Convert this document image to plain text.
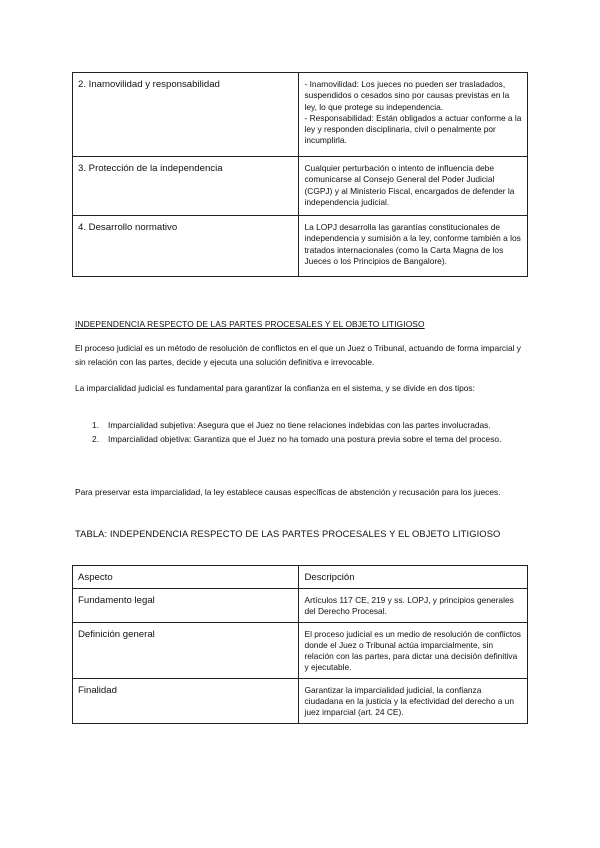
2. Inamovilidad y responsabilidad	- Inamovilidad: Los jueces no pueden ser trasladados, suspendidos o cesados sino por causas previstas en la ley, lo que protege su independencia.
- Responsabilidad: Están obligados a actuar conforme a la ley y responden disciplinaria, civil o penalmente por incumplirla.

3. Protección de la independencia	Cualquier perturbación o intento de influencia debe comunicarse al Consejo General del Poder Judicial (CGPJ) y al Ministerio Fiscal, encargados de defender la independencia judicial.

4. Desarrollo normativo	La LOPJ desarrolla las garantías constitucionales de independencia y sumisión a la ley, conforme también a los tratados internacionales (como la Carta Magna de los Jueces o los Principios de Bangalore).
INDEPENDENCIA RESPECTO DE LAS PARTES PROCESALES Y EL OBJETO LITIGIOSO
El proceso judicial es un método de resolución de conflictos en el que un Juez o Tribunal, actuando de forma imparcial y sin relación con las partes, decide y ejecuta una solución definitiva e irrevocable.
La imparcialidad judicial es fundamental para garantizar la confianza en el sistema, y se divide en dos tipos:
1. Imparcialidad subjetiva: Asegura que el Juez no tiene relaciones indebidas con las partes involucradas.
2. Imparcialidad objetiva: Garantiza que el Juez no ha tomado una postura previa sobre el tema del proceso.
Para preservar esta imparcialidad, la ley establece causas específicas de abstención y recusación para los jueces.
TABLA: INDEPENDENCIA RESPECTO DE LAS PARTES PROCESALES Y EL OBJETO LITIGIOSO
Aspecto	Descripción

Fundamento legal	Artículos 117 CE, 219 y ss. LOPJ, y principios generales del Derecho Procesal.

Definición general	El proceso judicial es un medio de resolución de conflictos donde el Juez o Tribunal actúa imparcialmente, sin relación con las partes, para dictar una decisión definitiva y ejecutable.

Finalidad	Garantizar la imparcialidad judicial, la confianza ciudadana en la justicia y la efectividad del derecho a un juez imparcial (art. 24 CE).
